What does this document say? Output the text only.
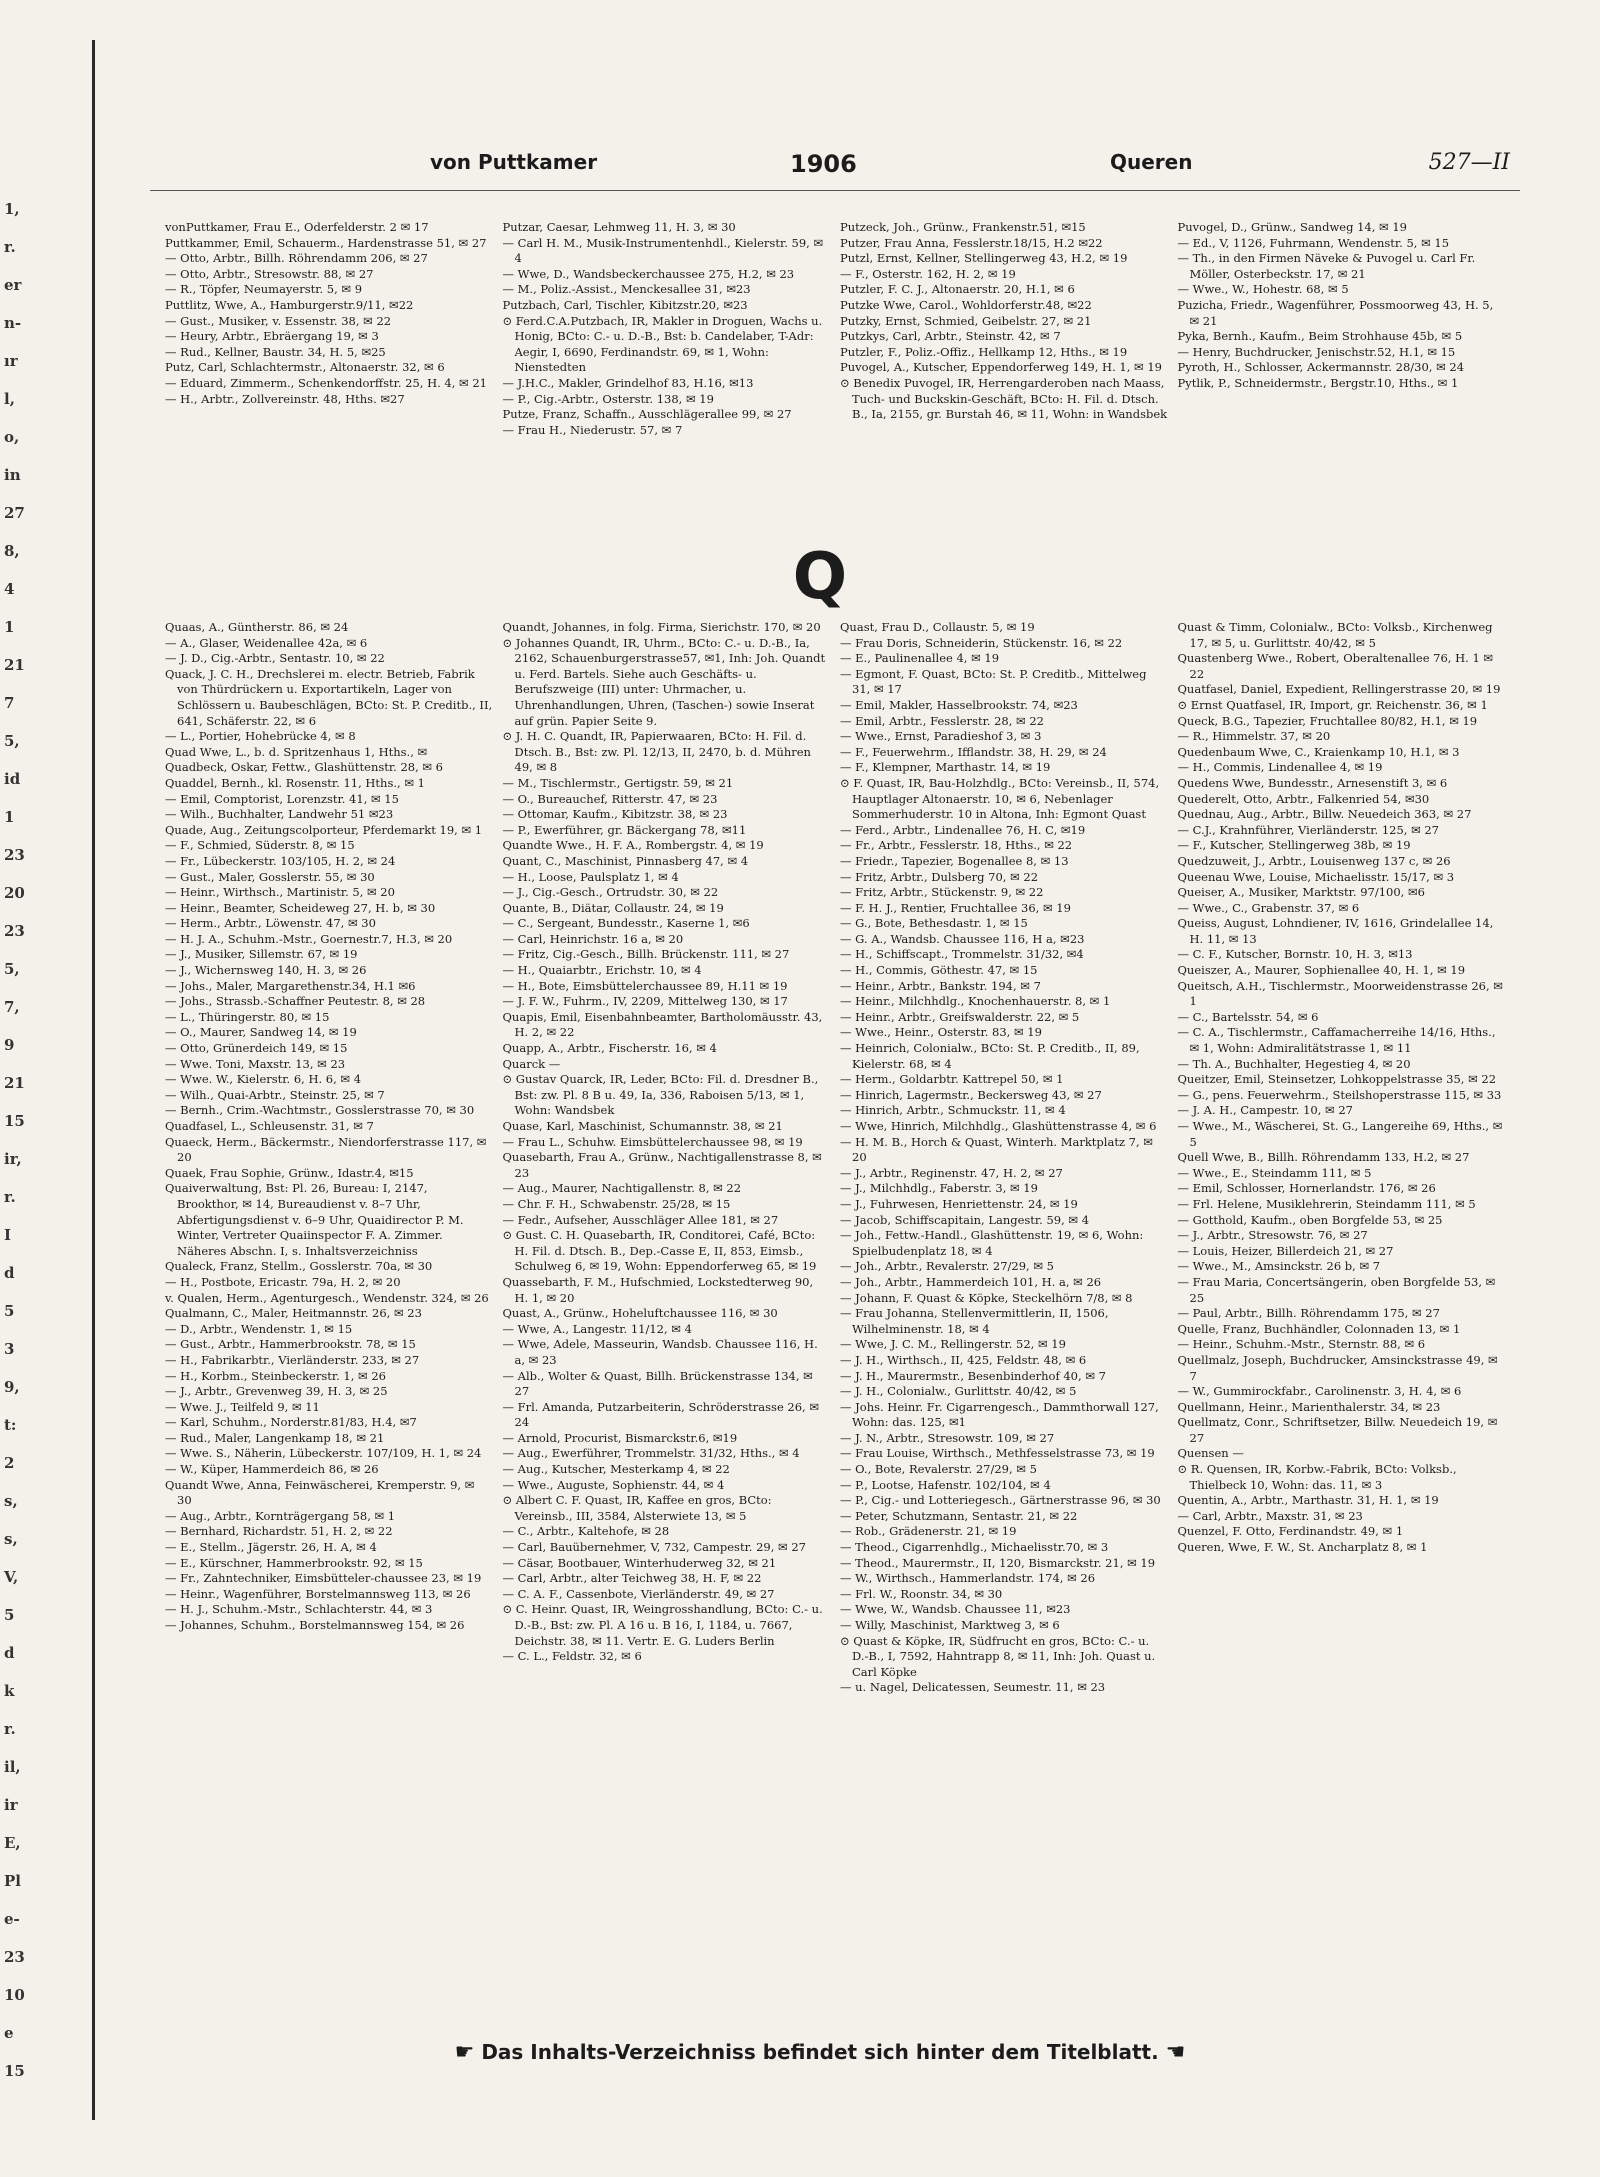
1,
r.
er
n-
ır
l,
o,
in
27
8,
4
1
21
7
5,
id
1
23
20
23
5,
7,
9
21
15
ir,
r.
I
d
5
3
9,
t:
2
s,
s,
V,
5
d
k
r.
il,
ir
E,
Pl
e-
23
10
e
15
von Puttkamer	1906	Queren	527—II

vonPuttkamer, Frau E., Oderfelderstr. 2 ✉ 17

Puttkammer, Emil, Schauerm., Hardenstrasse 51, ✉ 27

— Otto, Arbtr., Billh. Röhrendamm 206, ✉ 27

— Otto, Arbtr., Stresowstr. 88, ✉ 27

— R., Töpfer, Neumayerstr. 5, ✉ 9

Puttlitz, Wwe, A., Hamburgerstr.9/11, ✉22

— Gust., Musiker, v. Essenstr. 38, ✉ 22

— Heury, Arbtr., Ebräergang 19, ✉ 3

— Rud., Kellner, Baustr. 34, H. 5, ✉25

Putz, Carl, Schlachtermstr., Altonaerstr. 32, ✉ 6

— Eduard, Zimmerm., Schenkendorffstr. 25, H. 4, ✉ 21

— H., Arbtr., Zollvereinstr. 48, Hths. ✉27

Putzar, Caesar, Lehmweg 11, H. 3, ✉ 30

— Carl H. M., Musik-Instrumentenhdl., Kielerstr. 59, ✉ 4

— Wwe, D., Wandsbeckerchaussee 275, H.2, ✉ 23

— M., Poliz.-Assist., Menckesallee 31, ✉23

Putzbach, Carl, Tischler, Kibitzstr.20, ✉23

⊙ Ferd.C.A.Putzbach, IR, Makler in Droguen, Wachs u. Honig, BCto: C.- u. D.-B., Bst: b. Candelaber, T-Adr: Aegir, I, 6690, Ferdinandstr. 69, ✉ 1, Wohn: Nienstedten

— J.H.C., Makler, Grindelhof 83, H.16, ✉13

— P., Cig.-Arbtr., Osterstr. 138, ✉ 19

Putze, Franz, Schaffn., Ausschlägerallee 99, ✉ 27

— Frau H., Niederustr. 57, ✉ 7

Putzeck, Joh., Grünw., Frankenstr.51, ✉15

Putzer, Frau Anna, Fesslerstr.18/15, H.2 ✉22

Putzl, Ernst, Kellner, Stellingerweg 43, H.2, ✉ 19

— F., Osterstr. 162, H. 2, ✉ 19

Putzler, F. C. J., Altonaerstr. 20, H.1, ✉ 6

Putzke Wwe, Carol., Wohldorferstr.48, ✉22

Putzky, Ernst, Schmied, Geibelstr. 27, ✉ 21

Putzkys, Carl, Arbtr., Steinstr. 42, ✉ 7

Putzler, F., Poliz.-Offiz., Hellkamp 12, Hths., ✉ 19

Puvogel, A., Kutscher, Eppendorferweg 149, H. 1, ✉ 19

⊙ Benedix Puvogel, IR, Herrengarderoben nach Maass, Tuch- und Buckskin-Geschäft, BCto: H. Fil. d. Dtsch. B., Ia, 2155, gr. Burstah 46, ✉ 11, Wohn: in Wandsbek

Puvogel, D., Grünw., Sandweg 14, ✉ 19

— Ed., V, 1126, Fuhrmann, Wendenstr. 5, ✉ 15

— Th., in den Firmen Näveke & Puvogel u. Carl Fr. Möller, Osterbeckstr. 17, ✉ 21

— Wwe., W., Hohestr. 68, ✉ 5

Puzicha, Friedr., Wagenführer, Possmoorweg 43, H. 5, ✉ 21

Pyka, Bernh., Kaufm., Beim Strohhause 45b, ✉ 5

— Henry, Buchdrucker, Jenischstr.52, H.1, ✉ 15

Pyroth, H., Schlosser, Ackermannstr. 28/30, ✉ 24

Pytlik, P., Schneidermstr., Bergstr.10, Hths., ✉ 1

Q

Quaas, A., Güntherstr. 86, ✉ 24

— A., Glaser, Weidenallee 42a, ✉ 6

— J. D., Cig.-Arbtr., Sentastr. 10, ✉ 22

Quack, J. C. H., Drechslerei m. electr. Betrieb, Fabrik von Thürdrückern u. Exportartikeln, Lager von Schlössern u. Baubeschlägen, BCto: St. P. Creditb., II, 641, Schäferstr. 22, ✉ 6

— L., Portier, Hohebrücke 4, ✉ 8

Quad Wwe, L., b. d. Spritzenhaus 1, Hths., ✉

Quadbeck, Oskar, Fettw., Glashüttenstr. 28, ✉ 6

Quaddel, Bernh., kl. Rosenstr. 11, Hths., ✉ 1

— Emil, Comptorist, Lorenzstr. 41, ✉ 15

— Wilh., Buchhalter, Landwehr 51 ✉23

Quade, Aug., Zeitungscolporteur, Pferdemarkt 19, ✉ 1

— F., Schmied, Süderstr. 8, ✉ 15

— Fr., Lübeckerstr. 103/105, H. 2, ✉ 24

— Gust., Maler, Gosslerstr. 55, ✉ 30

— Heinr., Wirthsch., Martinistr. 5, ✉ 20

— Heinr., Beamter, Scheideweg 27, H. b, ✉ 30

— Herm., Arbtr., Löwenstr. 47, ✉ 30

— H. J. A., Schuhm.-Mstr., Goernestr.7, H.3, ✉ 20

— J., Musiker, Sillemstr. 67, ✉ 19

— J., Wichernsweg 140, H. 3, ✉ 26

— Johs., Maler, Margarethenstr.34, H.1 ✉6

— Johs., Strassb.-Schaffner Peutestr. 8, ✉ 28

— L., Thüringerstr. 80, ✉ 15

— O., Maurer, Sandweg 14, ✉ 19

— Otto, Grünerdeich 149, ✉ 15

— Wwe. Toni, Maxstr. 13, ✉ 23

— Wwe. W., Kielerstr. 6, H. 6, ✉ 4

— Wilh., Quai-Arbtr., Steinstr. 25, ✉ 7

— Bernh., Crim.-Wachtmstr., Gosslerstrasse 70, ✉ 30

Quadfasel, L., Schleusenstr. 31, ✉ 7

Quaeck, Herm., Bäckermstr., Niendorferstrasse 117, ✉ 20

Quaek, Frau Sophie, Grünw., Idastr.4, ✉15

Quaiverwaltung, Bst: Pl. 26, Bureau: I, 2147, Brookthor, ✉ 14, Bureaudienst v. 8–7 Uhr, Abfertigungsdienst v. 6–9 Uhr, Quaidirector P. M. Winter, Vertreter Quaiinspector F. A. Zimmer. Näheres Abschn. I, s. Inhaltsverzeichniss

Qualeck, Franz, Stellm., Gosslerstr. 70a, ✉ 30

— H., Postbote, Ericastr. 79a, H. 2, ✉ 20

v. Qualen, Herm., Agenturgesch., Wendenstr. 324, ✉ 26

Qualmann, C., Maler, Heitmannstr. 26, ✉ 23

— D., Arbtr., Wendenstr. 1, ✉ 15

— Gust., Arbtr., Hammerbrookstr. 78, ✉ 15

— H., Fabrikarbtr., Vierländerstr. 233, ✉ 27

— H., Korbm., Steinbeckerstr. 1, ✉ 26

— J., Arbtr., Grevenweg 39, H. 3, ✉ 25

— Wwe. J., Teilfeld 9, ✉ 11

— Karl, Schuhm., Norderstr.81/83, H.4, ✉7

— Rud., Maler, Langenkamp 18, ✉ 21

— Wwe. S., Näherin, Lübeckerstr. 107/109, H. 1, ✉ 24

— W., Küper, Hammerdeich 86, ✉ 26

Quandt Wwe, Anna, Feinwäscherei, Kremperstr. 9, ✉ 30

— Aug., Arbtr., Kornträgergang 58, ✉ 1

— Bernhard, Richardstr. 51, H. 2, ✉ 22

— E., Stellm., Jägerstr. 26, H. A, ✉ 4

— E., Kürschner, Hammerbrookstr. 92, ✉ 15

— Fr., Zahntechniker, Eimsbütteler-chaussee 23, ✉ 19

— Heinr., Wagenführer, Borstelmannsweg 113, ✉ 26

— H. J., Schuhm.-Mstr., Schlachterstr. 44, ✉ 3

— Johannes, Schuhm., Borstelmannsweg 154, ✉ 26

Quandt, Johannes, in folg. Firma, Sierichstr. 170, ✉ 20

⊙ Johannes Quandt, IR, Uhrm., BCto: C.- u. D.-B., Ia, 2162, Schauenburgerstrasse57, ✉1, Inh: Joh. Quandt u. Ferd. Bartels. Siehe auch Geschäfts- u. Berufszweige (III) unter: Uhrmacher, u. Uhrenhandlungen, Uhren, (Taschen-) sowie Inserat auf grün. Papier Seite 9.

⊙ J. H. C. Quandt, IR, Papierwaaren, BCto: H. Fil. d. Dtsch. B., Bst: zw. Pl. 12/13, II, 2470, b. d. Mühren 49, ✉ 8

— M., Tischlermstr., Gertigstr. 59, ✉ 21

— O., Bureauchef, Ritterstr. 47, ✉ 23

— Ottomar, Kaufm., Kibitzstr. 38, ✉ 23

— P., Ewerführer, gr. Bäckergang 78, ✉11

Quandte Wwe., H. F. A., Rombergstr. 4, ✉ 19

Quant, C., Maschinist, Pinnasberg 47, ✉ 4

— H., Loose, Paulsplatz 1, ✉ 4

— J., Cig.-Gesch., Ortrudstr. 30, ✉ 22

Quante, B., Diätar, Collaustr. 24, ✉ 19

— C., Sergeant, Bundesstr., Kaserne 1, ✉6

— Carl, Heinrichstr. 16 a, ✉ 20

— Fritz, Cig.-Gesch., Billh. Brückenstr. 111, ✉ 27

— H., Quaiarbtr., Erichstr. 10, ✉ 4

— H., Bote, Eimsbüttelerchaussee 89, H.11 ✉ 19

— J. F. W., Fuhrm., IV, 2209, Mittelweg 130, ✉ 17

Quapis, Emil, Eisenbahnbeamter, Bartholomäusstr. 43, H. 2, ✉ 22

Quapp, A., Arbtr., Fischerstr. 16, ✉ 4

Quarck —

⊙ Gustav Quarck, IR, Leder, BCto: Fil. d. Dresdner B., Bst: zw. Pl. 8 B u. 49, Ia, 336, Raboisen 5/13, ✉ 1, Wohn: Wandsbek

Quase, Karl, Maschinist, Schumannstr. 38, ✉ 21

— Frau L., Schuhw. Eimsbüttelerchaussee 98, ✉ 19

Quasebarth, Frau A., Grünw., Nachtigallenstrasse 8, ✉ 23

— Aug., Maurer, Nachtigallenstr. 8, ✉ 22

— Chr. F. H., Schwabenstr. 25/28, ✉ 15

— Fedr., Aufseher, Ausschläger Allee 181, ✉ 27

⊙ Gust. C. H. Quasebarth, IR, Conditorei, Café, BCto: H. Fil. d. Dtsch. B., Dep.-Casse E, II, 853, Eimsb., Schulweg 6, ✉ 19, Wohn: Eppendorferweg 65, ✉ 19

Quassebarth, F. M., Hufschmied, Lockstedterweg 90, H. 1, ✉ 20

Quast, A., Grünw., Hoheluftchaussee 116, ✉ 30

— Wwe, A., Langestr. 11/12, ✉ 4

— Wwe, Adele, Masseurin, Wandsb. Chaussee 116, H. a, ✉ 23

— Alb., Wolter & Quast, Billh. Brückenstrasse 134, ✉ 27

— Frl. Amanda, Putzarbeiterin, Schröderstrasse 26, ✉ 24

— Arnold, Procurist, Bismarckstr.6, ✉19

— Aug., Ewerführer, Trommelstr. 31/32, Hths., ✉ 4

— Aug., Kutscher, Mesterkamp 4, ✉ 22

— Wwe., Auguste, Sophienstr. 44, ✉ 4

⊙ Albert C. F. Quast, IR, Kaffee en gros, BCto: Vereinsb., III, 3584, Alsterwiete 13, ✉ 5

— C., Arbtr., Kaltehofe, ✉ 28

— Carl, Bauübernehmer, V, 732, Campestr. 29, ✉ 27

— Cäsar, Bootbauer, Winterhuderweg 32, ✉ 21

— Carl, Arbtr., alter Teichweg 38, H. F, ✉ 22

— C. A. F., Cassenbote, Vierländerstr. 49, ✉ 27

⊙ C. Heinr. Quast, IR, Weingrosshandlung, BCto: C.- u. D.-B., Bst: zw. Pl. A 16 u. B 16, I, 1184, u. 7667, Deichstr. 38, ✉ 11. Vertr. E. G. Luders Berlin

— C. L., Feldstr. 32, ✉ 6

Quast, Frau D., Collaustr. 5, ✉ 19

— Frau Doris, Schneiderin, Stückenstr. 16, ✉ 22

— E., Paulinenallee 4, ✉ 19

— Egmont, F. Quast, BCto: St. P. Creditb., Mittelweg 31, ✉ 17

— Emil, Makler, Hasselbrookstr. 74, ✉23

— Emil, Arbtr., Fesslerstr. 28, ✉ 22

— Wwe., Ernst, Paradieshof 3, ✉ 3

— F., Feuerwehrm., Ifflandstr. 38, H. 29, ✉ 24

— F., Klempner, Marthastr. 14, ✉ 19

⊙ F. Quast, IR, Bau-Holzhdlg., BCto: Vereinsb., II, 574, Hauptlager Altonaerstr. 10, ✉ 6, Nebenlager Sommerhuderstr. 10 in Altona, Inh: Egmont Quast

— Ferd., Arbtr., Lindenallee 76, H. C, ✉19

— Fr., Arbtr., Fesslerstr. 18, Hths., ✉ 22

— Friedr., Tapezier, Bogenallee 8, ✉ 13

— Fritz, Arbtr., Dulsberg 70, ✉ 22

— Fritz, Arbtr., Stückenstr. 9, ✉ 22

— F. H. J., Rentier, Fruchtallee 36, ✉ 19

— G., Bote, Bethesdastr. 1, ✉ 15

— G. A., Wandsb. Chaussee 116, H a, ✉23

— H., Schiffscapt., Trommelstr. 31/32, ✉4

— H., Commis, Göthestr. 47, ✉ 15

— Heinr., Arbtr., Bankstr. 194, ✉ 7

— Heinr., Milchhdlg., Knochenhauerstr. 8, ✉ 1

— Heinr., Arbtr., Greifswalderstr. 22, ✉ 5

— Wwe., Heinr., Osterstr. 83, ✉ 19

— Heinrich, Colonialw., BCto: St. P. Creditb., II, 89, Kielerstr. 68, ✉ 4

— Herm., Goldarbtr. Kattrepel 50, ✉ 1

— Hinrich, Lagermstr., Beckersweg 43, ✉ 27

— Hinrich, Arbtr., Schmuckstr. 11, ✉ 4

— Wwe, Hinrich, Milchhdlg., Glashüttenstrasse 4, ✉ 6

— H. M. B., Horch & Quast, Winterh. Marktplatz 7, ✉ 20

— J., Arbtr., Reginenstr. 47, H. 2, ✉ 27

— J., Milchhdlg., Faberstr. 3, ✉ 19

— J., Fuhrwesen, Henriettenstr. 24, ✉ 19

— Jacob, Schiffscapitain, Langestr. 59, ✉ 4

— Joh., Fettw.-Handl., Glashüttenstr. 19, ✉ 6, Wohn: Spielbudenplatz 18, ✉ 4

— Joh., Arbtr., Revalerstr. 27/29, ✉ 5

— Joh., Arbtr., Hammerdeich 101, H. a, ✉ 26

— Johann, F. Quast & Köpke, Steckelhörn 7/8, ✉ 8

— Frau Johanna, Stellenvermittlerin, II, 1506, Wilhelminenstr. 18, ✉ 4

— Wwe, J. C. M., Rellingerstr. 52, ✉ 19

— J. H., Wirthsch., II, 425, Feldstr. 48, ✉ 6

— J. H., Maurermstr., Besenbinderhof 40, ✉ 7

— J. H., Colonialw., Gurlittstr. 40/42, ✉ 5

— Johs. Heinr. Fr. Cigarrengesch., Dammthorwall 127, Wohn: das. 125, ✉1

— J. N., Arbtr., Stresowstr. 109, ✉ 27

— Frau Louise, Wirthsch., Methfesselstrasse 73, ✉ 19

— O., Bote, Revalerstr. 27/29, ✉ 5

— P., Lootse, Hafenstr. 102/104, ✉ 4

— P., Cig.- und Lotteriegesch., Gärtnerstrasse 96, ✉ 30

— Peter, Schutzmann, Sentastr. 21, ✉ 22

— Rob., Grädenerstr. 21, ✉ 19

— Theod., Cigarrenhdlg., Michaelisstr.70, ✉ 3

— Theod., Maurermstr., II, 120, Bismarckstr. 21, ✉ 19

— W., Wirthsch., Hammerlandstr. 174, ✉ 26

— Frl. W., Roonstr. 34, ✉ 30

— Wwe, W., Wandsb. Chaussee 11, ✉23

— Willy, Maschinist, Marktweg 3, ✉ 6

⊙ Quast & Köpke, IR, Südfrucht en gros, BCto: C.- u. D.-B., I, 7592, Hahntrapp 8, ✉ 11, Inh: Joh. Quast u. Carl Köpke

— u. Nagel, Delicatessen, Seumestr. 11, ✉ 23

Quast & Timm, Colonialw., BCto: Volksb., Kirchenweg 17, ✉ 5, u. Gurlittstr. 40/42, ✉ 5

Quastenberg Wwe., Robert, Oberaltenallee 76, H. 1 ✉ 22

Quatfasel, Daniel, Expedient, Rellingerstrasse 20, ✉ 19

⊙ Ernst Quatfasel, IR, Import, gr. Reichenstr. 36, ✉ 1

Queck, B.G., Tapezier, Fruchtallee 80/82, H.1, ✉ 19

— R., Himmelstr. 37, ✉ 20

Quedenbaum Wwe, C., Kraienkamp 10, H.1, ✉ 3

— H., Commis, Lindenallee 4, ✉ 19

Quedens Wwe, Bundesstr., Arnesenstift 3, ✉ 6

Quederelt, Otto, Arbtr., Falkenried 54, ✉30

Quednau, Aug., Arbtr., Billw. Neuedeich 363, ✉ 27

— C.J., Krahnführer, Vierländerstr. 125, ✉ 27

— F., Kutscher, Stellingerweg 38b, ✉ 19

Quedzuweit, J., Arbtr., Louisenweg 137 c, ✉ 26

Queenau Wwe, Louise, Michaelisstr. 15/17, ✉ 3

Queiser, A., Musiker, Marktstr. 97/100, ✉6

— Wwe., C., Grabenstr. 37, ✉ 6

Queiss, August, Lohndiener, IV, 1616, Grindelallee 14, H. 11, ✉ 13

— C. F., Kutscher, Bornstr. 10, H. 3, ✉13

Queiszer, A., Maurer, Sophienallee 40, H. 1, ✉ 19

Queitsch, A.H., Tischlermstr., Moorweidenstrasse 26, ✉ 1

— C., Bartelsstr. 54, ✉ 6

— C. A., Tischlermstr., Caffamacherreihe 14/16, Hths., ✉ 1, Wohn: Admiralitätstrasse 1, ✉ 11

— Th. A., Buchhalter, Hegestieg 4, ✉ 20

Queitzer, Emil, Steinsetzer, Lohkoppelstrasse 35, ✉ 22

— G., pens. Feuerwehrm., Steilshoperstrasse 115, ✉ 33

— J. A. H., Campestr. 10, ✉ 27

— Wwe., M., Wäscherei, St. G., Langereihe 69, Hths., ✉ 5

Quell Wwe, B., Billh. Röhrendamm 133, H.2, ✉ 27

— Wwe., E., Steindamm 111, ✉ 5

— Emil, Schlosser, Hornerlandstr. 176, ✉ 26

— Frl. Helene, Musiklehrerin, Steindamm 111, ✉ 5

— Gotthold, Kaufm., oben Borgfelde 53, ✉ 25

— J., Arbtr., Stresowstr. 76, ✉ 27

— Louis, Heizer, Billerdeich 21, ✉ 27

— Wwe., M., Amsinckstr. 26 b, ✉ 7

— Frau Maria, Concertsängerin, oben Borgfelde 53, ✉ 25

— Paul, Arbtr., Billh. Röhrendamm 175, ✉ 27

Quelle, Franz, Buchhändler, Colonnaden 13, ✉ 1

— Heinr., Schuhm.-Mstr., Sternstr. 88, ✉ 6

Quellmalz, Joseph, Buchdrucker, Amsinckstrasse 49, ✉ 7

— W., Gummirockfabr., Carolinenstr. 3, H. 4, ✉ 6

Quellmann, Heinr., Marienthalerstr. 34, ✉ 23

Quellmatz, Conr., Schriftsetzer, Billw. Neuedeich 19, ✉ 27

Quensen —

⊙ R. Quensen, IR, Korbw.-Fabrik, BCto: Volksb., Thielbeck 10, Wohn: das. 11, ✉ 3

Quentin, A., Arbtr., Marthastr. 31, H. 1, ✉ 19

— Carl, Arbtr., Maxstr. 31, ✉ 23

Quenzel, F. Otto, Ferdinandstr. 49, ✉ 1

Queren, Wwe, F. W., St. Ancharplatz 8, ✉ 1

☛ Das Inhalts-Verzeichniss befindet sich hinter dem Titelblatt. ☚
